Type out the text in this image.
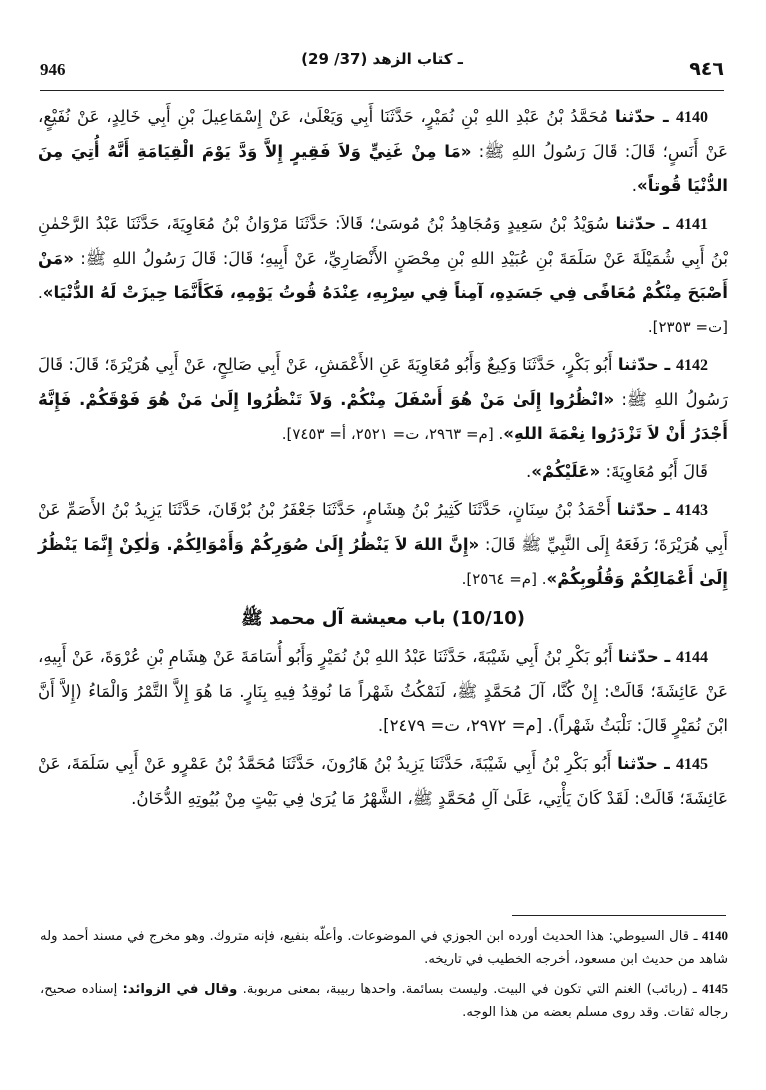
946
(29 /37) ـ كتاب الزهد	٩٤٦

4140 ـ حدّثنا مُحَمَّدُ بْنُ عَبْدِ اللهِ بْنِ نُمَيْرٍ، حَدَّثَنَا أَبِي وَيَعْلَىٰ، عَنْ إِسْمَاعِيلَ بْنِ أَبِي خَالِدٍ، عَنْ نُفَيْعٍ، عَنْ أَنَسٍ؛ قَالَ: قَالَ رَسُولُ اللهِ ﷺ: «مَا مِنْ غَنِيٍّ وَلاَ فَقِيرٍ إِلاَّ وَدَّ يَوْمَ الْقِيَامَةِ أَنَّهُ أُتِيَ مِنَ الدُّنْيَا قُوتاً».

4141 ـ حدّثنا سُوَيْدُ بْنُ سَعِيدٍ وَمُجَاهِدُ بْنُ مُوسَىٰ؛ قَالاَ: حَدَّثَنَا مَرْوَانُ بْنُ مُعَاوِيَةَ، حَدَّثَنَا عَبْدُ الرَّحْمٰنِ بْنُ أَبِي شُمَيْلَةَ عَنْ سَلَمَةَ بْنِ عُبَيْدِ اللهِ بْنِ مِحْصَنٍ الأَنْصَارِيِّ، عَنْ أَبِيهِ؛ قَالَ: قَالَ رَسُولُ اللهِ ﷺ: «مَنْ أَصْبَحَ مِنْكُمْ مُعَافًى فِي جَسَدِهِ، آمِناً فِي سِرْبِهِ، عِنْدَهُ قُوتُ يَوْمِهِ، فَكَأَنَّمَا حِيزَتْ لَهُ الدُّنْيَا». [ت= ٢٣٥٣].

4142 ـ حدّثنا أَبُو بَكْرٍ، حَدَّثَنَا وَكِيعٌ وَأَبُو مُعَاوِيَةَ عَنِ الأَعْمَشِ، عَنْ أَبِي صَالِحٍ، عَنْ أَبِي هُرَيْرَةَ؛ قَالَ: قَالَ رَسُولُ اللهِ ﷺ: «انْظُرُوا إِلَىٰ مَنْ هُوَ أَسْفَلَ مِنْكُمْ. وَلاَ تَنْظُرُوا إِلَىٰ مَنْ هُوَ فَوْقَكُمْ. فَإِنَّهُ أَجْدَرُ أَنْ لاَ تَزْدَرُوا نِعْمَةَ اللهِ». [م= ٢٩٦٣، ت= ٢٥٢١، أ= ٧٤٥٣].

قَالَ أَبُو مُعَاوِيَةَ: «عَلَيْكُمْ».

4143 ـ حدّثنا أَحْمَدُ بْنُ سِنَانٍ، حَدَّثَنَا كَثِيرُ بْنُ هِشَامٍ، حَدَّثَنَا جَعْفَرُ بْنُ بُرْقَانَ، حَدَّثَنَا يَزِيدُ بْنُ الأَصَمِّ عَنْ أَبِي هُرَيْرَةَ؛ رَفَعَهُ إِلَى النَّبِيِّ ﷺ قَالَ: «إِنَّ اللهَ لاَ يَنْظُرُ إِلَىٰ صُوَرِكُمْ وَأَمْوَالِكُمْ. وَلٰكِنْ إِنَّمَا يَنْظُرُ إِلَىٰ أَعْمَالِكُمْ وَقُلُوبِكُمْ». [م= ٢٥٦٤].

(10/10) باب معيشة آل محمد ﷺ

4144 ـ حدّثنا أَبُو بَكْرِ بْنُ أَبِي شَيْبَةَ، حَدَّثَنَا عَبْدُ اللهِ بْنُ نُمَيْرٍ وَأَبُو أُسَامَةَ عَنْ هِشَامِ بْنِ عُرْوَةَ، عَنْ أَبِيهِ، عَنْ عَائِشَةَ؛ قَالَتْ: إِنْ كُنَّا، آلَ مُحَمَّدٍ ﷺ، لَنَمْكُثُ شَهْراً مَا نُوقِدُ فِيهِ بِنَارٍ. مَا هُوَ إِلاَّ التَّمْرُ وَالْمَاءُ (إِلاَّ أَنَّ ابْنَ نُمَيْرٍ قَالَ: نَلْبَثُ شَهْراً). [م= ٢٩٧٢، ت= ٢٤٧٩].

4145 ـ حدّثنا أَبُو بَكْرِ بْنُ أَبِي شَيْبَةَ، حَدَّثَنَا يَزِيدُ بْنُ هَارُونَ، حَدَّثَنَا مُحَمَّدُ بْنُ عَمْرٍو عَنْ أَبِي سَلَمَةَ، عَنْ عَائِشَةَ؛ قَالَتْ: لَقَدْ كَانَ يَأْتِي، عَلَىٰ آلِ مُحَمَّدٍ ﷺ، الشَّهْرُ مَا يُرَىٰ فِي بَيْتٍ مِنْ بُيُوتِهِ الدُّخَانُ.

4140 ـ قال السيوطي: هذا الحديث أورده ابن الجوزي في الموضوعات. وأعلّه بنفيع، فإنه متروك. وهو مخرج في مسند أحمد وله شاهد من حديث ابن مسعود، أخرجه الخطيب في تاريخه.

4145 ـ (ربائب) الغنم التي تكون في البيت. وليست بسائمة. واحدها ربيبة، بمعنى مربوبة. وقال في الزوائد: إسناده صحيح، رجاله ثقات. وقد روى مسلم بعضه من هذا الوجه.
